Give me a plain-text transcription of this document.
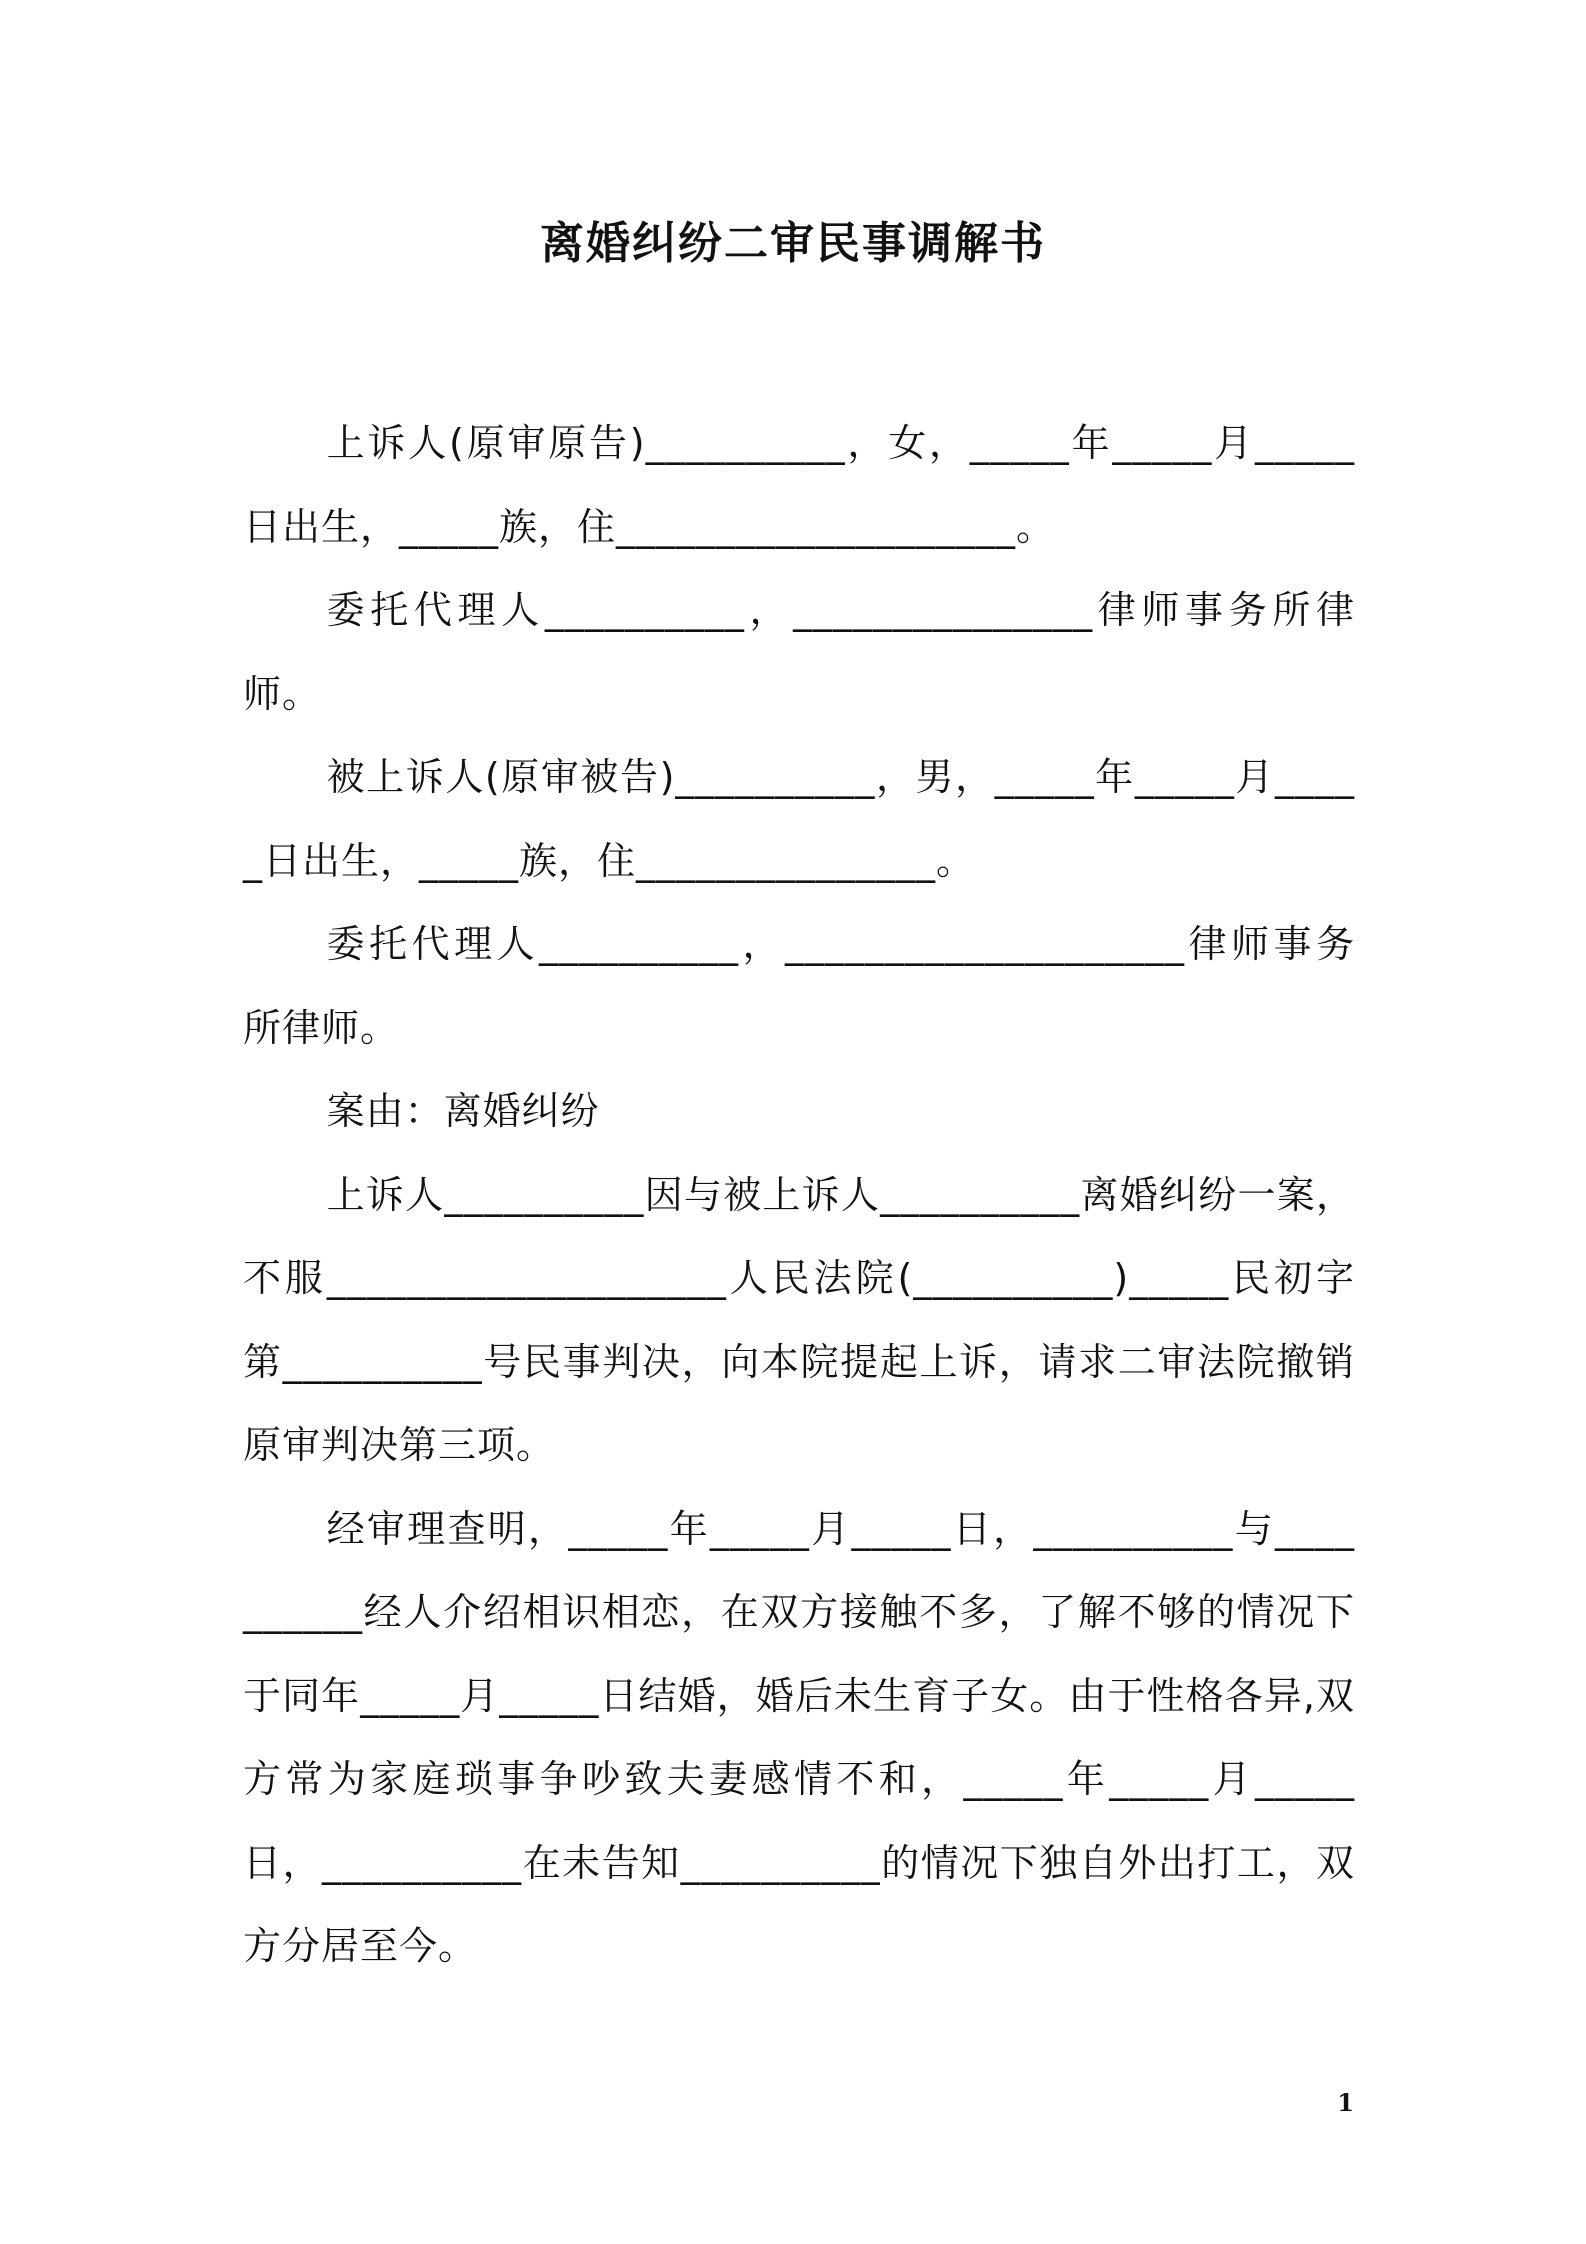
离婚纠纷二审民事调解书

上诉人(原审原告)__________，女，_____年_____月_____日出生，_____族，住____________________。

委托代理人__________，_______________律师事务所律师。

被上诉人(原审被告)__________，男，_____年_____月_____日出生，_____族，住_______________。

委托代理人__________，____________________律师事务所律师。

案由：离婚纠纷

上诉人__________因与被上诉人__________离婚纠纷一案，不服____________________人民法院(__________)_____民初字第__________号民事判决，向本院提起上诉，请求二审法院撤销原审判决第三项。

经审理查明，_____年_____月_____日，__________与__________经人介绍相识相恋，在双方接触不多，了解不够的情况下于同年_____月_____日结婚，婚后未生育子女。由于性格各异,双方常为家庭琐事争吵致夫妻感情不和，_____年_____月_____日，__________在未告知__________的情况下独自外出打工，双方分居至今。

1
